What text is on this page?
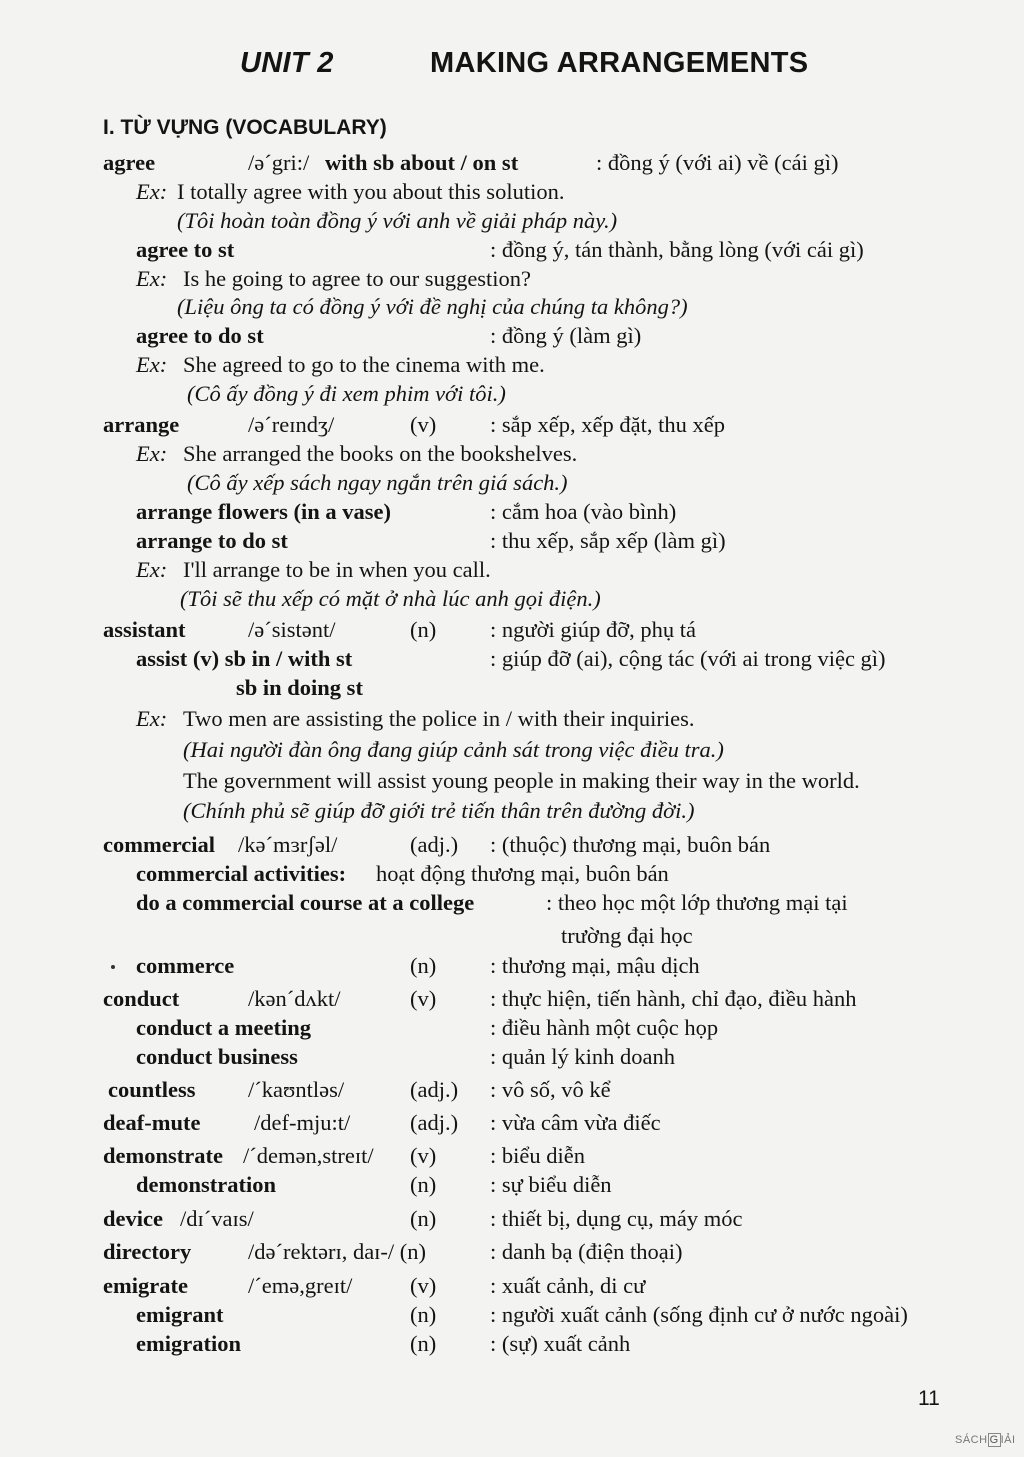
UNIT 2	MAKING ARRANGEMENTS
I. TỪ VỰNG (VOCABULARY)
agree	/ə´gri:/ with sb about / on st	: đồng ý (với ai) về (cái gì)
Ex: I totally agree with you about this solution.
(Tôi hoàn toàn đồng ý với anh về giải pháp này.)
agree to st	: đồng ý, tán thành, bằng lòng (với cái gì)
Ex: Is he going to agree to our suggestion?
(Liệu ông ta có đồng ý với đề nghị của chúng ta không?)
agree to do st	: đồng ý (làm gì)
Ex: She agreed to go to the cinema with me.
(Cô ấy đồng ý đi xem phim với tôi.)
arrange	/ə´reɪndʒ/	(v) : sắp xếp, xếp đặt, thu xếp
Ex: She arranged the books on the bookshelves.
(Cô ấy xếp sách ngay ngắn trên giá sách.)
arrange flowers (in a vase)	: cắm hoa (vào bình)
arrange to do st	: thu xếp, sắp xếp (làm gì)
Ex: I'll arrange to be in when you call.
(Tôi sẽ thu xếp có mặt ở nhà lúc anh gọi điện.)
assistant	/ə´sistənt/	(n) : người giúp đỡ, phụ tá
assist (v) sb in / with st	: giúp đỡ (ai), cộng tác (với ai trong việc gì)
sb in doing st
Ex: Two men are assisting the police in / with their inquiries.
(Hai người đàn ông đang giúp cảnh sát trong việc điều tra.)
The government will assist young people in making their way in the world.
(Chính phủ sẽ giúp đỡ giới trẻ tiến thân trên đường đời.)
commercial /kə´mɜrʃəl/	(adj.) : (thuộc) thương mại, buôn bán
commercial activities: hoạt động thương mại, buôn bán
do a commercial course at a college	: theo học một lớp thương mại tại
trường đại học
commerce	(n) : thương mại, mậu dịch
conduct	/kən´dʌkt/	(v) : thực hiện, tiến hành, chỉ đạo, điều hành
conduct a meeting	: điều hành một cuộc họp
conduct business	: quản lý kinh doanh
countless /´kaʊntləs/	(adj.) : vô số, vô kể
deaf-mute /def-mju:t/	(adj.) : vừa câm vừa điếc
demonstrate /´demən,streɪt/ (v) : biểu diễn
demonstration	(n) : sự biểu diễn
device /dɪ´vaɪs/	(n) : thiết bị, dụng cụ, máy móc
directory	/də´rektərɪ, daɪ-/ (n)	: danh bạ (điện thoại)
emigrate	/´emə,greɪt/	(v) : xuất cảnh, di cư
emigrant	(n) : người xuất cảnh (sống định cư ở nước ngoài)
emigration	(n) : (sự) xuất cảnh
11
SÁCH G IẢI
